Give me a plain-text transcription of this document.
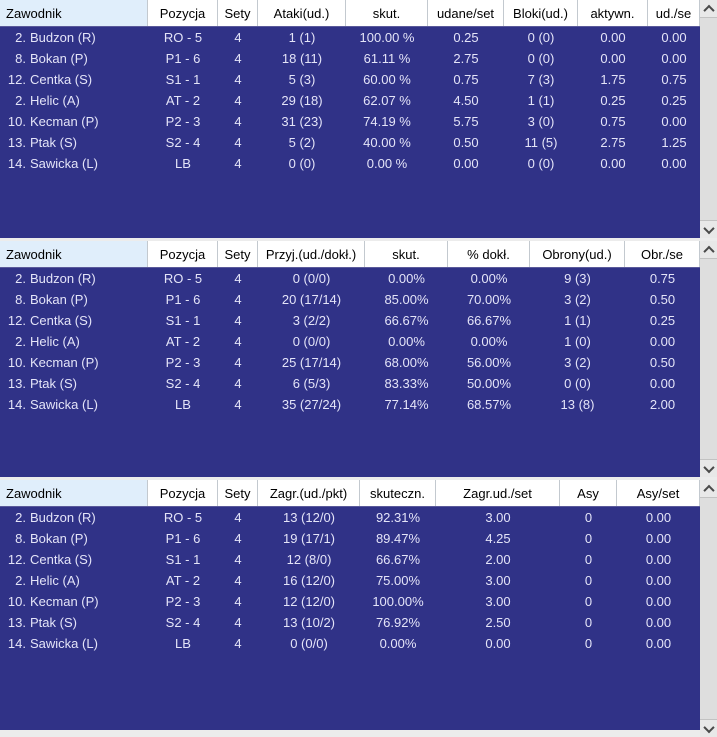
Zawodnik	Pozycja	Sety	Ataki(ud.)	skut.	udane/set	Bloki(ud.)	aktywn.	ud./se
2. Budzon (R)	RO - 5	4	1 (1)	100.00 %	0.25	0 (0)	0.00	0.00
8. Bokan (P)	P1 - 6	4	18 (11)	61.11 %	2.75	0 (0)	0.00	0.00
12. Centka (S)	S1 - 1	4	5 (3)	60.00 %	0.75	7 (3)	1.75	0.75
2. Helic (A)	AT - 2	4	29 (18)	62.07 %	4.50	1 (1)	0.25	0.25
10. Kecman (P)	P2 - 3	4	31 (23)	74.19 %	5.75	3 (0)	0.75	0.00
13. Ptak (S)	S2 - 4	4	5 (2)	40.00 %	0.50	11 (5)	2.75	1.25
14. Sawicka (L)	LB	4	0 (0)	0.00 %	0.00	0 (0)	0.00	0.00
Zawodnik	Pozycja	Sety	Przyj.(ud./dokł.)	skut.	% dokł.	Obrony(ud.)	Obr./se
2. Budzon (R)	RO - 5	4	0 (0/0)	0.00%	0.00%	9 (3)	0.75
8. Bokan (P)	P1 - 6	4	20 (17/14)	85.00%	70.00%	3 (2)	0.50
12. Centka (S)	S1 - 1	4	3 (2/2)	66.67%	66.67%	1 (1)	0.25
2. Helic (A)	AT - 2	4	0 (0/0)	0.00%	0.00%	1 (0)	0.00
10. Kecman (P)	P2 - 3	4	25 (17/14)	68.00%	56.00%	3 (2)	0.50
13. Ptak (S)	S2 - 4	4	6 (5/3)	83.33%	50.00%	0 (0)	0.00
14. Sawicka (L)	LB	4	35 (27/24)	77.14%	68.57%	13 (8)	2.00
Zawodnik	Pozycja	Sety	Zagr.(ud./pkt)	skuteczn.	Zagr.ud./set	Asy	Asy/set
2. Budzon (R)	RO - 5	4	13 (12/0)	92.31%	3.00	0	0.00
8. Bokan (P)	P1 - 6	4	19 (17/1)	89.47%	4.25	0	0.00
12. Centka (S)	S1 - 1	4	12 (8/0)	66.67%	2.00	0	0.00
2. Helic (A)	AT - 2	4	16 (12/0)	75.00%	3.00	0	0.00
10. Kecman (P)	P2 - 3	4	12 (12/0)	100.00%	3.00	0	0.00
13. Ptak (S)	S2 - 4	4	13 (10/2)	76.92%	2.50	0	0.00
14. Sawicka (L)	LB	4	0 (0/0)	0.00%	0.00	0	0.00
